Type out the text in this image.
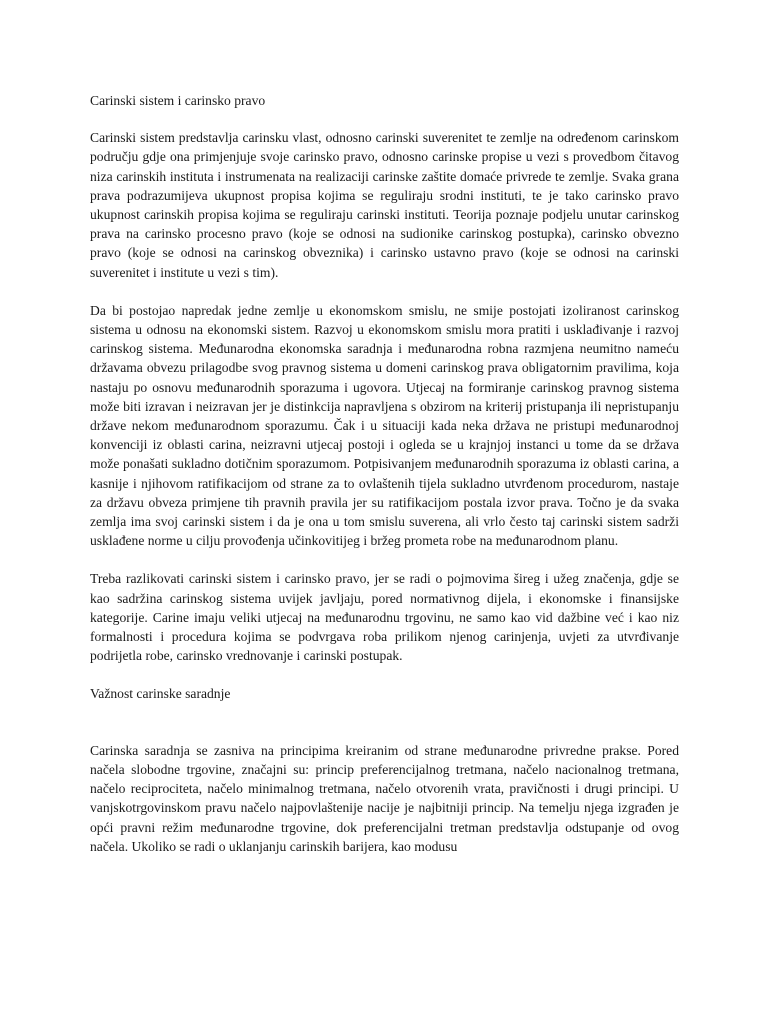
Carinski sistem i carinsko pravo

Carinski sistem predstavlja carinsku vlast, odnosno carinski suverenitet te zemlje na određenom carinskom području gdje ona primjenjuje svoje carinsko pravo, odnosno carinske propise u vezi s provedbom čitavog niza carinskih instituta i instrumenata na realizaciji carinske zaštite domaće privrede te zemlje. Svaka grana prava podrazumijeva ukupnost propisa kojima se reguliraju srodni instituti, te je tako carinsko pravo ukupnost carinskih propisa kojima se reguliraju carinski instituti. Teorija poznaje podjelu unutar carinskog prava na carinsko procesno pravo (koje se odnosi na sudionike carinskog postupka), carinsko obvezno pravo (koje se odnosi na carinskog obveznika) i carinsko ustavno pravo (koje se odnosi na carinski suverenitet i institute u vezi s tim).

Da bi postojao napredak jedne zemlje u ekonomskom smislu, ne smije postojati izoliranost carinskog sistema u odnosu na ekonomski sistem. Razvoj u ekonomskom smislu mora pratiti i usklađivanje i razvoj carinskog sistema. Međunarodna ekonomska saradnja i međunarodna robna razmjena neumitno nameću državama obvezu prilagodbe svog pravnog sistema u domeni carinskog prava obligatornim pravilima, koja nastaju po osnovu međunarodnih sporazuma i ugovora. Utjecaj na formiranje carinskog pravnog sistema može biti izravan i neizravan jer je distinkcija napravljena s obzirom na kriterij pristupanja ili nepristupanju države nekom međunarodnom sporazumu. Čak i u situaciji kada neka država ne pristupi međunarodnoj konvenciji iz oblasti carina, neizravni utjecaj postoji i ogleda se u krajnjoj instanci u tome da se država može ponašati sukladno dotičnim sporazumom. Potpisivanjem međunarodnih sporazuma iz oblasti carina, a kasnije i njihovom ratifikacijom od strane za to ovlaštenih tijela sukladno utvrđenom procedurom, nastaje za državu obveza primjene tih pravnih pravila jer su ratifikacijom postala izvor prava. Točno je da svaka zemlja ima svoj carinski sistem i da je ona u tom smislu suverena, ali vrlo često taj carinski sistem sadrži usklađene norme u cilju provođenja učinkovitijeg i bržeg prometa robe na međunarodnom planu.

Treba razlikovati carinski sistem i carinsko pravo, jer se radi o pojmovima šireg i užeg značenja, gdje se kao sadržina carinskog sistema uvijek javljaju, pored normativnog dijela, i ekonomske i finansijske kategorije. Carine imaju veliki utjecaj na međunarodnu trgovinu, ne samo kao vid dažbine već i kao niz formalnosti i procedura kojima se podvrgava roba prilikom njenog carinjenja, uvjeti za utvrđivanje podrijetla robe, carinsko vrednovanje i carinski postupak.

Važnost carinske saradnje

Carinska saradnja se zasniva na principima kreiranim od strane međunarodne privredne prakse. Pored načela slobodne trgovine, značajni su: princip preferencijalnog tretmana, načelo nacionalnog tretmana, načelo reciprociteta, načelo minimalnog tretmana, načelo otvorenih vrata, pravičnosti i drugi principi. U vanjskotrgovinskom pravu načelo najpovlaštenije nacije je najbitniji princip. Na temelju njega izgrađen je opći pravni režim međunarodne trgovine, dok preferencijalni tretman predstavlja odstupanje od ovog načela. Ukoliko se radi o uklanjanju carinskih barijera, kao modusu
